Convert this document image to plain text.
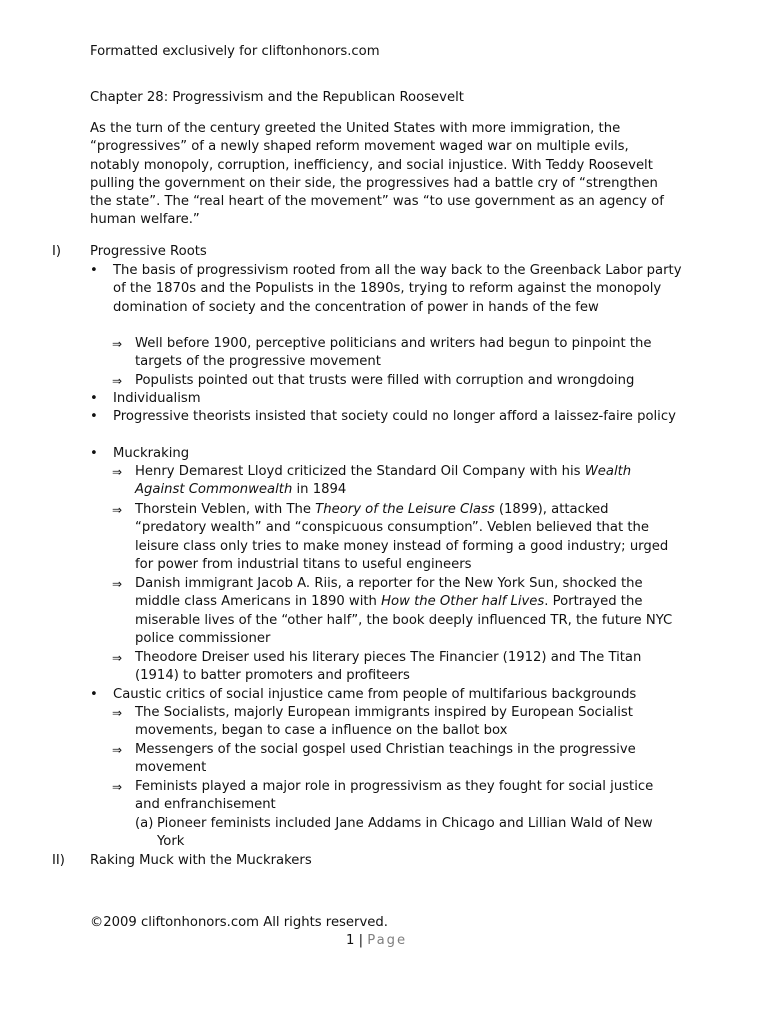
Formatted exclusively for cliftonhonors.com
Chapter 28: Progressivism and the Republican Roosevelt
As the turn of the century greeted the United States with more immigration, the “progressives” of a newly shaped reform movement waged war on multiple evils, notably monopoly, corruption, inefficiency, and social injustice. With Teddy Roosevelt pulling the government on their side, the progressives had a battle cry of “strengthen the state”. The “real heart of the movement” was “to use government as an agency of human welfare.”
I) Progressive Roots
• The basis of progressivism rooted from all the way back to the Greenback Labor party of the 1870s and the Populists in the 1890s, trying to reform against the monopoly domination of society and the concentration of power in hands of the few
⇒ Well before 1900, perceptive politicians and writers had begun to pinpoint the targets of the progressive movement
⇒ Populists pointed out that trusts were filled with corruption and wrongdoing
• Individualism
• Progressive theorists insisted that society could no longer afford a laissez-faire policy
• Muckraking
⇒ Henry Demarest Lloyd criticized the Standard Oil Company with his Wealth Against Commonwealth in 1894
⇒ Thorstein Veblen, with The Theory of the Leisure Class (1899), attacked “predatory wealth” and “conspicuous consumption”. Veblen believed that the leisure class only tries to make money instead of forming a good industry; urged for power from industrial titans to useful engineers
⇒ Danish immigrant Jacob A. Riis, a reporter for the New York Sun, shocked the middle class Americans in 1890 with How the Other half Lives. Portrayed the miserable lives of the “other half”, the book deeply influenced TR, the future NYC police commissioner
⇒ Theodore Dreiser used his literary pieces The Financier (1912) and The Titan (1914) to batter promoters and profiteers
• Caustic critics of social injustice came from people of multifarious backgrounds
⇒ The Socialists, majorly European immigrants inspired by European Socialist movements, began to case a influence on the ballot box
⇒ Messengers of the social gospel used Christian teachings in the progressive movement
⇒ Feminists played a major role in progressivism as they fought for social justice and enfranchisement
(a) Pioneer feminists included Jane Addams in Chicago and Lillian Wald of New York
II) Raking Muck with the Muckrakers
©2009 cliftonhonors.com All rights reserved.
1 | Page
